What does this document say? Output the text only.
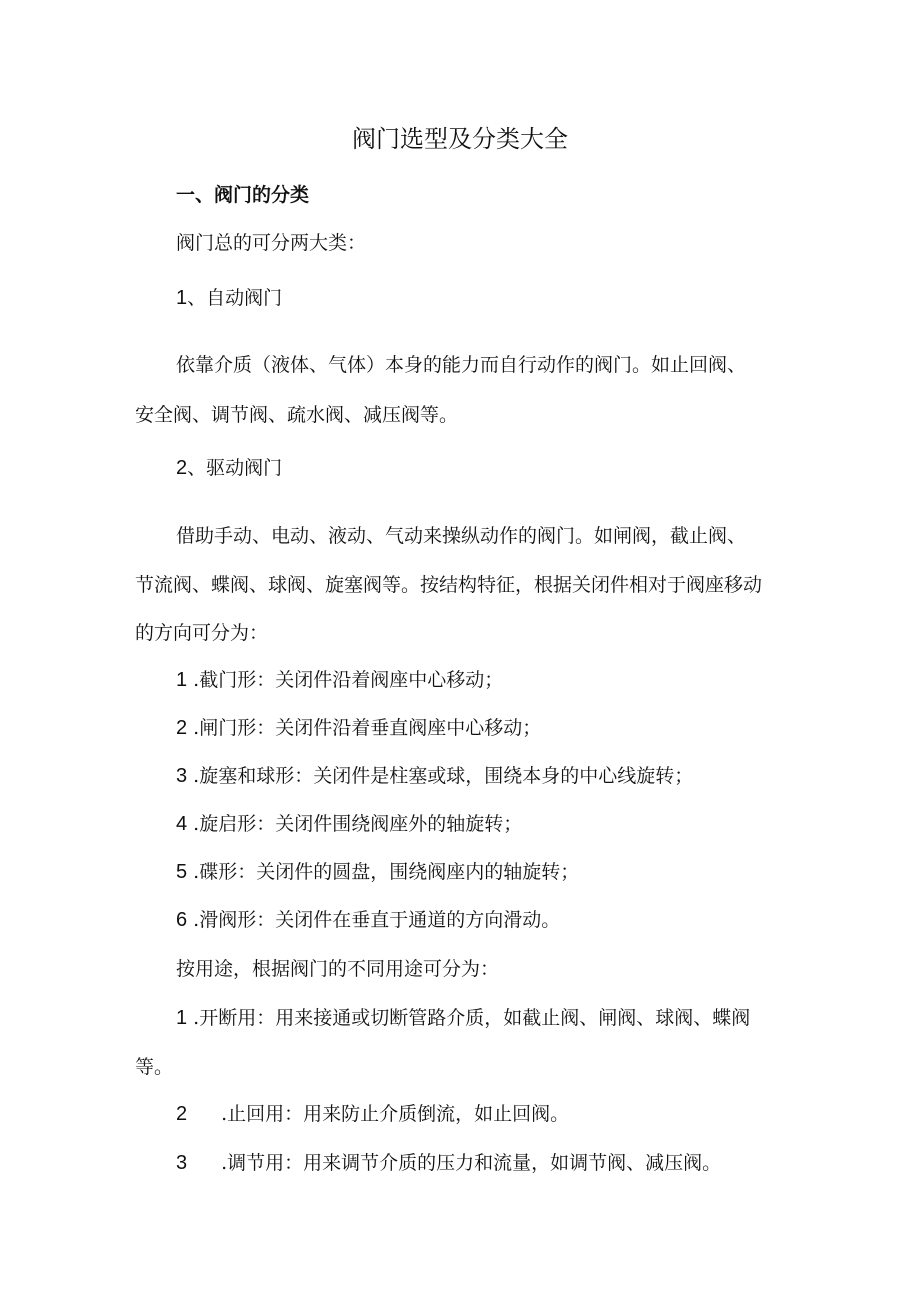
阀门选型及分类大全
一、阀门的分类
阀门总的可分两大类：
1、自动阀门
依靠介质（液体、气体）本身的能力而自行动作的阀门。如止回阀、
安全阀、调节阀、疏水阀、减压阀等。
2、驱动阀门
借助手动、电动、液动、气动来操纵动作的阀门。如闸阀，截止阀、
节流阀、蝶阀、球阀、旋塞阀等。按结构特征，根据关闭件相对于阀座移动
的方向可分为：
1 .截门形：关闭件沿着阀座中心移动；
2 .闸门形：关闭件沿着垂直阀座中心移动；
3 .旋塞和球形：关闭件是柱塞或球，围绕本身的中心线旋转；
4 .旋启形：关闭件围绕阀座外的轴旋转；
5 .碟形：关闭件的圆盘，围绕阀座内的轴旋转；
6 .滑阀形：关闭件在垂直于通道的方向滑动。
按用途，根据阀门的不同用途可分为：
1 .开断用：用来接通或切断管路介质，如截止阀、闸阀、球阀、蝶阀
等。
2 .止回用：用来防止介质倒流，如止回阀。
3 .调节用：用来调节介质的压力和流量，如调节阀、减压阀。
